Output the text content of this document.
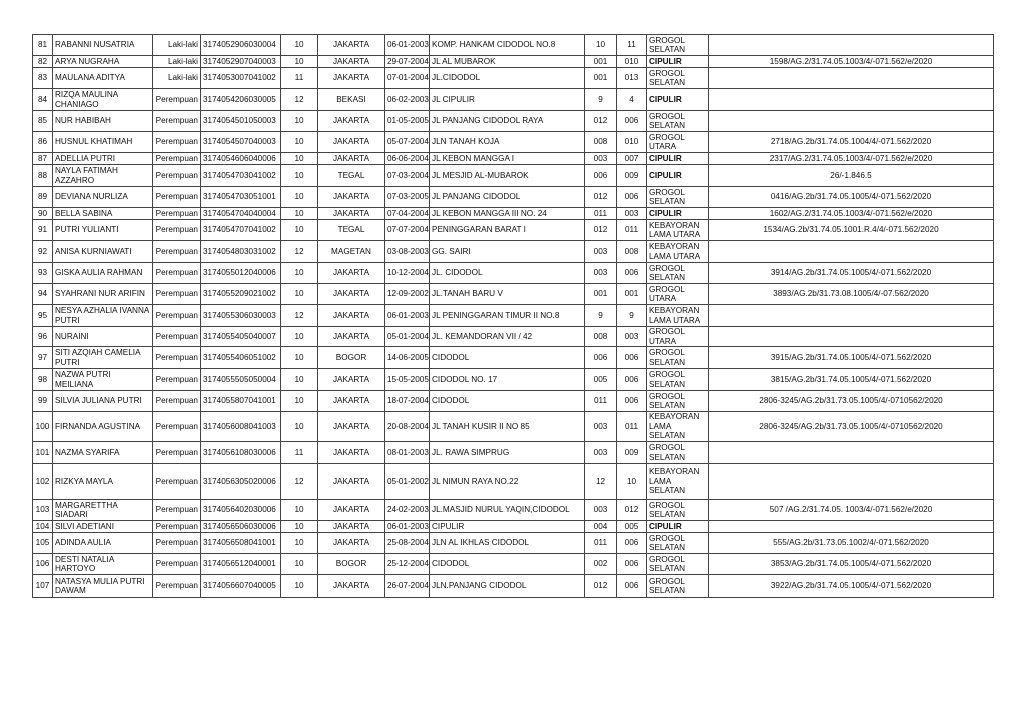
81	RABANNI NUSATRIA	Laki-laki	3174052906030004	10	JAKARTA	06-01-2003	KOMP. HANKAM CIDODOL NO.8	10	11	GROGOL SELATAN	
82	ARYA NUGRAHA	Laki-laki	3174052907040003	10	JAKARTA	29-07-2004	JL AL MUBAROK	001	010	CIPULIR	1598/AG.2/31.74.05.1003/4/-071.562/e/2020
83	MAULANA ADITYA	Laki-laki	3174053007041002	11	JAKARTA	07-01-2004	JL.CIDODOL	001	013	GROGOL SELATAN	
84	RIZQA MAULINA CHANIAGO	Perempuan	3174054206030005	12	BEKASI	06-02-2003	JL CIPULIR	9	4	CIPULIR	
85	NUR HABIBAH	Perempuan	3174054501050003	10	JAKARTA	01-05-2005	JL PANJANG CIDODOL RAYA	012	006	GROGOL SELATAN	
86	HUSNUL KHATIMAH	Perempuan	3174054507040003	10	JAKARTA	05-07-2004	JLN TANAH KOJA	008	010	GROGOL UTARA	2718/AG.2b/31.74.05.1004/4/-071.562/2020
87	ADELLIA PUTRI	Perempuan	3174054606040006	10	JAKARTA	06-06-2004	JL KEBON MANGGA I	003	007	CIPULIR	2317/AG.2/31.74.05.1003/4/-071.562/e/2020
88	NAYLA FATIMAH AZZAHRO	Perempuan	3174054703041002	10	TEGAL	07-03-2004	JL MESJID AL-MUBAROK	006	009	CIPULIR	26/-1.846.5
89	DEVIANA NURLIZA	Perempuan	3174054703051001	10	JAKARTA	07-03-2005	JL PANJANG CIDODOL	012	006	GROGOL SELATAN	0416/AG.2b/31.74.05.1005/4/-071.562/2020
90	BELLA SABINA	Perempuan	3174054704040004	10	JAKARTA	07-04-2004	JL KEBON MANGGA III NO. 24	011	003	CIPULIR	1602/AG.2/31.74.05.1003/4/-071.562/e/2020
91	PUTRI YULIANTI	Perempuan	3174054707041002	10	TEGAL	07-07-2004	PENINGGARAN BARAT I	012	011	KEBAYORAN LAMA UTARA	1534/AG.2b/31.74.05.1001.R.4/4/-071.562/2020
92	ANISA KURNIAWATI	Perempuan	3174054803031002	12	MAGETAN	03-08-2003	GG. SAIRI	003	008	KEBAYORAN LAMA UTARA	
93	GISKA AULIA RAHMAN	Perempuan	3174055012040006	10	JAKARTA	10-12-2004	JL. CIDODOL	003	006	GROGOL SELATAN	3914/AG.2b/31.74.05.1005/4/-071.562/2020
94	SYAHRANI NUR ARIFIN	Perempuan	3174055209021002	10	JAKARTA	12-09-2002	JL.TANAH BARU V	001	001	GROGOL UTARA	3893/AG.2b/31.73.08.1005/4/-07.562/2020
95	NESYA AZHALIA IVANNA PUTRI	Perempuan	3174055306030003	12	JAKARTA	06-01-2003	JL PENINGGARAN TIMUR II NO.8	9	9	KEBAYORAN LAMA UTARA	
96	NURAINI	Perempuan	3174055405040007	10	JAKARTA	05-01-2004	JL. KEMANDORAN VII / 42	008	003	GROGOL UTARA	
97	SITI AZQIAH CAMELIA PUTRI	Perempuan	3174055406051002	10	BOGOR	14-06-2005	CIDODOL	006	006	GROGOL SELATAN	3915/AG.2b/31.74.05.1005/4/-071.562/2020
98	NAZWA PUTRI MEILIANA	Perempuan	3174055505050004	10	JAKARTA	15-05-2005	CIDODOL NO. 17	005	006	GROGOL SELATAN	3815/AG.2b/31.74.05.1005/4/-071.562/2020
99	SILVIA JULIANA PUTRI	Perempuan	3174055807041001	10	JAKARTA	18-07-2004	CIDODOL	011	006	GROGOL SELATAN	2806-3245/AG.2b/31.73.05.1005/4/-0710562/2020
100	FIRNANDA AGUSTINA	Perempuan	3174056008041003	10	JAKARTA	20-08-2004	JL TANAH KUSIR II NO 85	003	011	KEBAYORAN LAMA SELATAN	2806-3245/AG.2b/31.73.05.1005/4/-0710562/2020
101	NAZMA SYARIFA	Perempuan	3174056108030006	11	JAKARTA	08-01-2003	JL. RAWA SIMPRUG	003	009	GROGOL SELATAN	
102	RIZKYA MAYLA	Perempuan	3174056305020006	12	JAKARTA	05-01-2002	JL NIMUN RAYA NO.22	12	10	KEBAYORAN LAMA SELATAN	
103	MARGARETTHA SIADARI	Perempuan	3174056402030006	10	JAKARTA	24-02-2003	JL.MASJID NURUL YAQIN,CIDODOL	003	012	GROGOL SELATAN	507 /AG.2/31.74.05. 1003/4/-071.562/e/2020
104	SILVI ADETIANI	Perempuan	3174056506030006	10	JAKARTA	06-01-2003	CIPULIR	004	005	CIPULIR	
105	ADINDA AULIA	Perempuan	3174056508041001	10	JAKARTA	25-08-2004	JLN AL IKHLAS CIDODOL	011	006	GROGOL SELATAN	555/AG.2b/31.73.05.1002/4/-071.562/2020
106	DESTI NATALIA HARTOYO	Perempuan	3174056512040001	10	BOGOR	25-12-2004	CIDODOL	002	006	GROGOL SELATAN	3853/AG.2b/31.74.05.1005/4/-071.562/2020
107	NATASYA MULIA PUTRI DAWAM	Perempuan	3174056607040005	10	JAKARTA	26-07-2004	JLN.PANJANG CIDODOL	012	006	GROGOL SELATAN	3922/AG.2b/31.74.05.1005/4/-071.562/2020
